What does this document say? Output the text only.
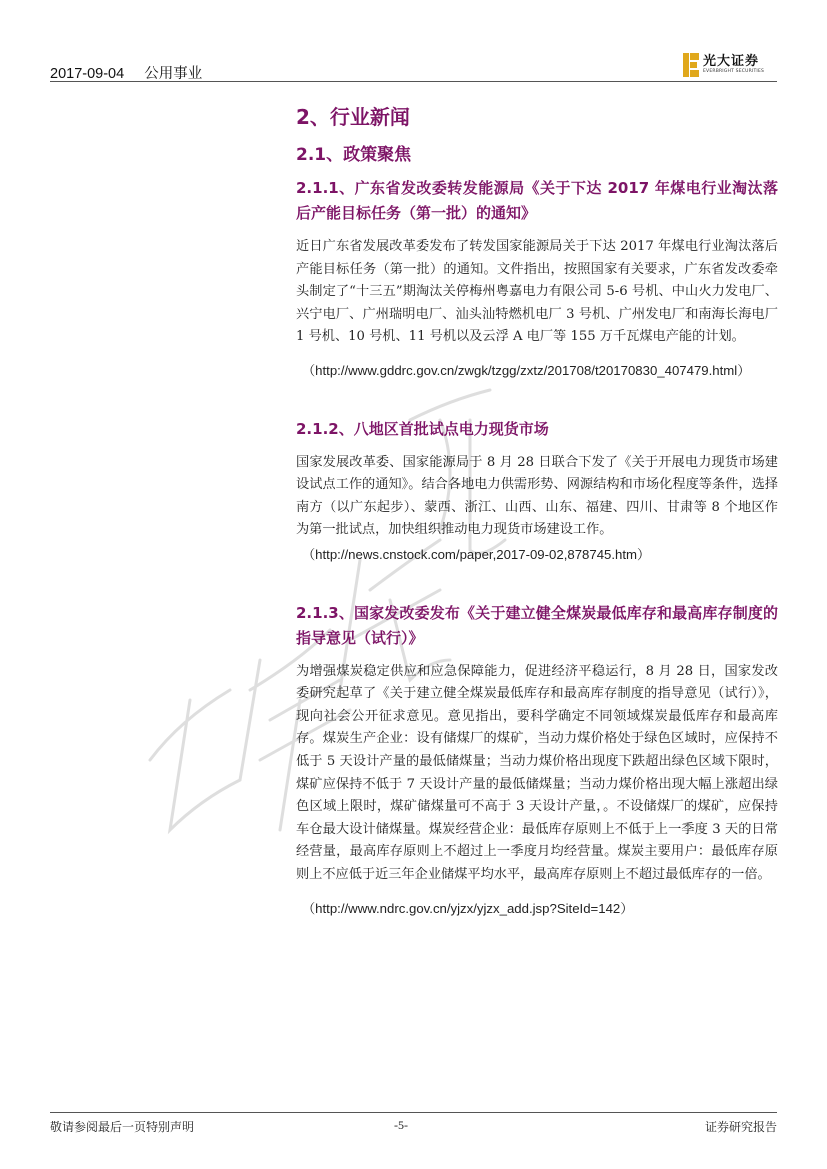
2017-09-04 公用事业
光大证券
EVERBRIGHT SECURITIES
2、行业新闻
2.1、政策聚焦
2.1.1、广东省发改委转发能源局《关于下达 2017 年煤电行业淘汰落后产能目标任务（第一批）的通知》

近日广东省发展改革委发布了转发国家能源局关于下达 2017 年煤电行业淘汰落后产能目标任务（第一批）的通知。文件指出，按照国家有关要求，广东省发改委牵头制定了“十三五”期淘汰关停梅州粤嘉电力有限公司 5-6 号机、中山火力发电厂、兴宁电厂、广州瑞明电厂、汕头汕特燃机电厂 3 号机、广州发电厂和南海长海电厂 1 号机、10 号机、11 号机以及云浮 A 电厂等 155 万千瓦煤电产能的计划。

（http://www.gddrc.gov.cn/zwgk/tzgg/zxtz/201708/t20170830_407479.html）

2.1.2、八地区首批试点电力现货市场

国家发展改革委、国家能源局于 8 月 28 日联合下发了《关于开展电力现货市场建设试点工作的通知》。结合各地电力供需形势、网源结构和市场化程度等条件，选择南方（以广东起步）、蒙西、浙江、山西、山东、福建、四川、甘肃等 8 个地区作为第一批试点，加快组织推动电力现货市场建设工作。

（http://news.cnstock.com/paper,2017-09-02,878745.htm）

2.1.3、国家发改委发布《关于建立健全煤炭最低库存和最高库存制度的指导意见（试行）》

为增强煤炭稳定供应和应急保障能力，促进经济平稳运行，8 月 28 日，国家发改委研究起草了《关于建立健全煤炭最低库存和最高库存制度的指导意见（试行）》，现向社会公开征求意见。意见指出，要科学确定不同领域煤炭最低库存和最高库存。煤炭生产企业：设有储煤厂的煤矿，当动力煤价格处于绿色区域时，应保持不低于 5 天设计产量的最低储煤量；当动力煤价格出现度下跌超出绿色区域下限时，煤矿应保持不低于 7 天设计产量的最低储煤量；当动力煤价格出现大幅上涨超出绿色区域上限时，煤矿储煤量可不高于 3 天设计产量，。不设储煤厂的煤矿，应保持车仓最大设计储煤量。煤炭经营企业：最低库存原则上不低于上一季度 3 天的日常经营量，最高库存原则上不超过上一季度月均经营量。煤炭主要用户：最低库存原则上不应低于近三年企业储煤平均水平，最高库存原则上不超过最低库存的一倍。

（http://www.ndrc.gov.cn/yjzx/yjzx_add.jsp?SiteId=142）

敬请参阅最后一页特别声明	-5-	证券研究报告
